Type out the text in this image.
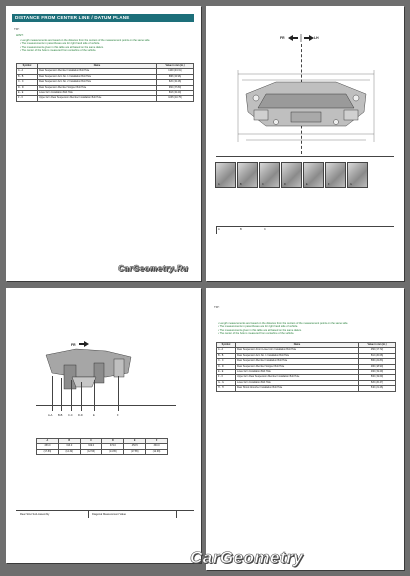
DISTANCE FROM CENTER LINE / DATUM PLANE
TIP:
HINT:
• Length measurements are based on the distance from the centers of the measurement points on the same side.
• The measurements in parentheses are for right hand side of vehicle.
• The measurements given in this table are all based on the same datum.
• The center of the hole is measured from centerline of the vehicle.
Symbol	Name	Value in mm (in.)
A - A	Rear Suspension Member Installation Bolt Hole	1100 (43.31)
B - B	Rear Suspension Arm No. 1 Installation Bolt Hole	888 (34.96)
C - C	Rear Suspension Arm No. 2 Installation Bolt Hole	820 (32.28)
D - D	Rear Suspension Member Stopper Bolt Hole	960 (37.80)
E - E	Lower Arm Installation Bolt Hole	818 (32.20)
F - F	Upper Arm Rear Suspension Member Installation Bolt Hole	1035 (40.75)
FR	LH
A	B	C	D	E	F	G
A	B	C
CarGeometry.Ru
FR
A-A B-B C-C D-D	E	F
A	B	C	D	E	F
453.0	313.0	319.0	372.0	453.5	330.0
(17.83)	(12.32)	(12.56)	(14.65)	(17.85)	(12.99)
Rear Strut Sub-Assembly	Diagonal Measurement Value
TIP:
• Length measurements are based on the distance from the centers of the measurement points on the same side.
• The measurements in parentheses are for right hand side of vehicle.
• The measurements given in this table are all based on the same datum.
• The center of the hole is measured from centerline of the vehicle.
Symbol	Name	Value in mm (in.)
A - A	Rear Suspension Front Lower Arm Installation Bolt Hole	450 (17.72)
B - B	Rear Suspension Arm No. 1 Installation Bolt Hole	510 (20.08)
C - C	Rear Suspension Member Installation Bolt Hole	580 (22.83)
D - D	Rear Suspension Member Stopper Bolt Hole	480 (18.90)
E - E	Lower Arm Installation Bolt Hole	490 (19.29)
F - F	Upper Arm Rear Suspension Member Installation Bolt Hole	500 (19.69)
G - G	Lower Arm Installation Bolt Hole	520 (20.47)
H - H	Rear Shock Absorber Installation Bolt Hole	540 (21.26)
CarGeometry
